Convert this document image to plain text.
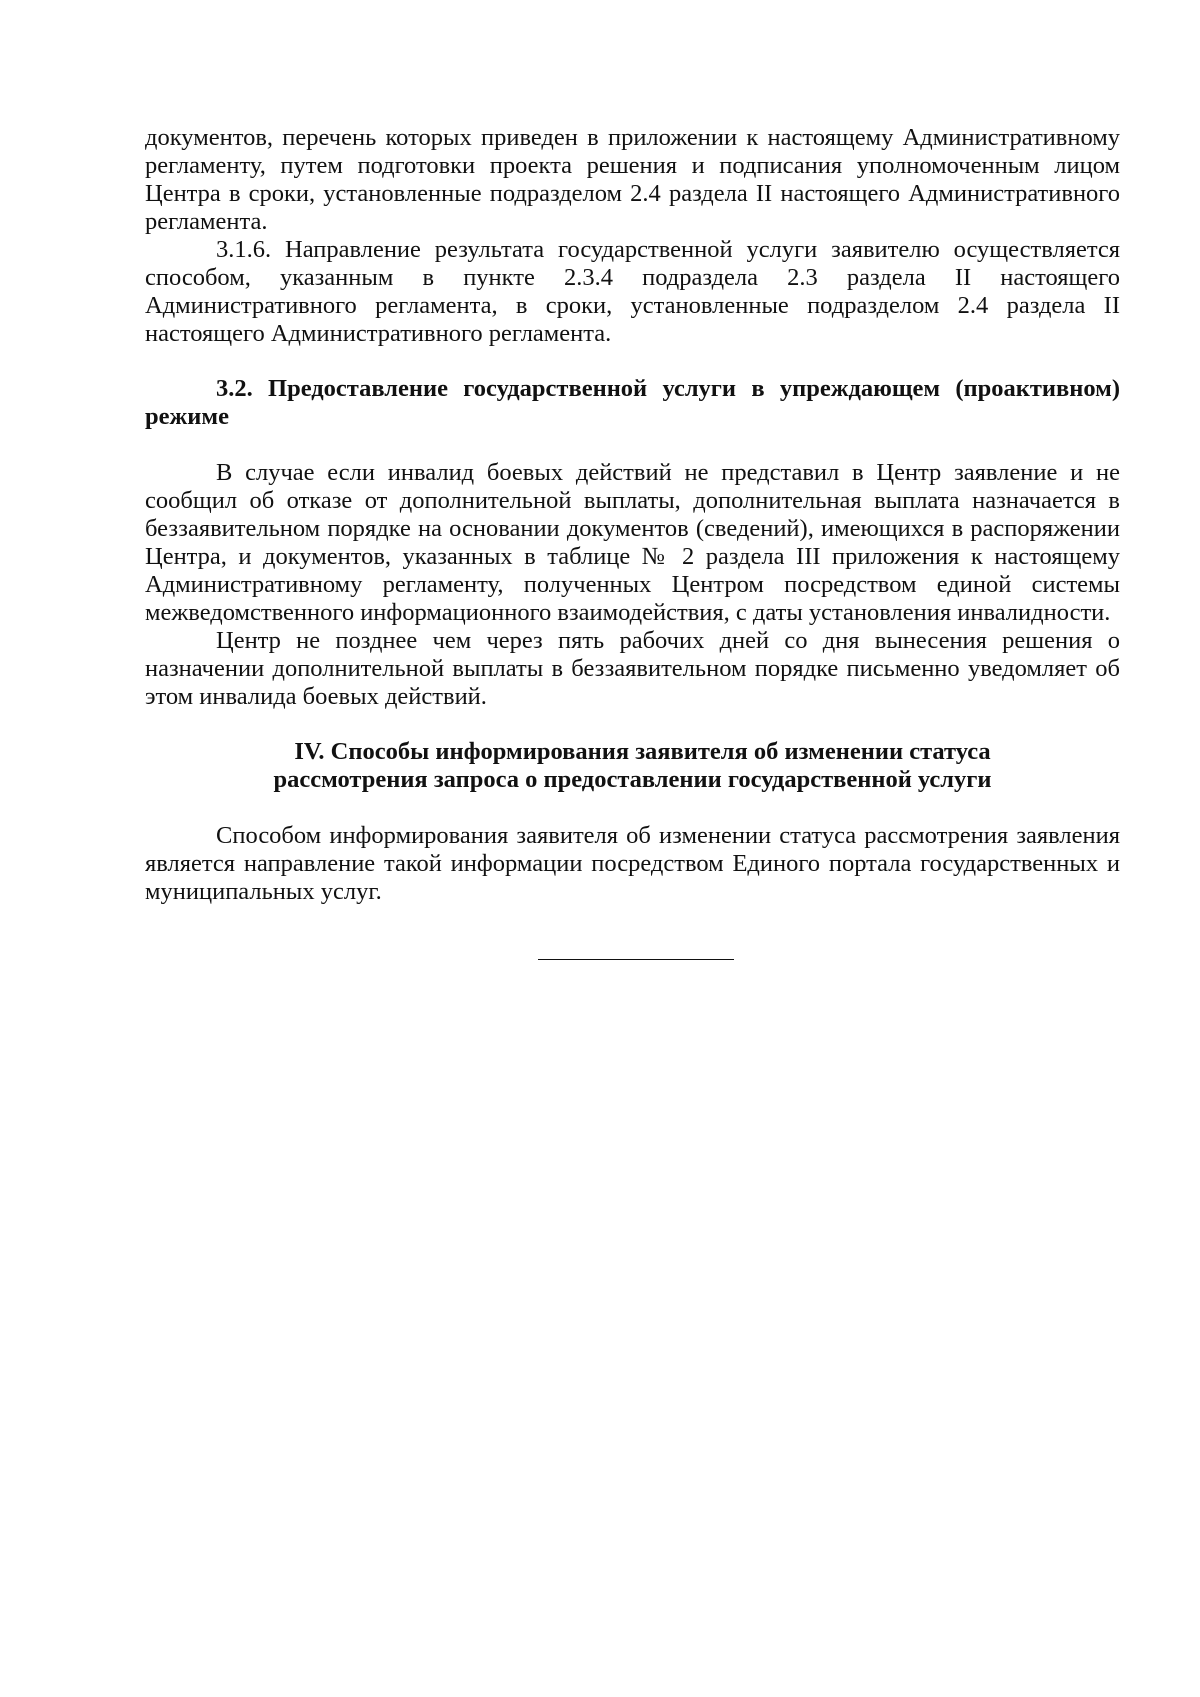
документов, перечень которых приведен в приложении к настоящему Административному регламенту, путем подготовки проекта решения и подписания уполномоченным лицом Центра в сроки, установленные подразделом 2.4 раздела II настоящего Административного регламента.

3.1.6. Направление результата государственной услуги заявителю осуществляется способом, указанным в пункте 2.3.4 подраздела 2.3 раздела II настоящего Административного регламента, в сроки, установленные подразделом 2.4 раздела II настоящего Административного регламента.

3.2. Предоставление государственной услуги в упреждающем (проактивном) режиме

В случае если инвалид боевых действий не представил в Центр заявление и не сообщил об отказе от дополнительной выплаты, дополнительная выплата назначается в беззаявительном порядке на основании документов (сведений), имеющихся в распоряжении Центра, и документов, указанных в таблице № 2 раздела III приложения к настоящему Административному регламенту, полученных Центром посредством единой системы межведомственного информационного взаимодействия, с даты установления инвалидности.

Центр не позднее чем через пять рабочих дней со дня вынесения решения о назначении дополнительной выплаты в беззаявительном порядке письменно уведомляет об этом инвалида боевых действий.

IV. Способы информирования заявителя об изменении статуса
рассмотрения запроса о предоставлении государственной услуги

Способом информирования заявителя об изменении статуса рассмотрения заявления является направление такой информации посредством Единого портала государственных и муниципальных услуг.
